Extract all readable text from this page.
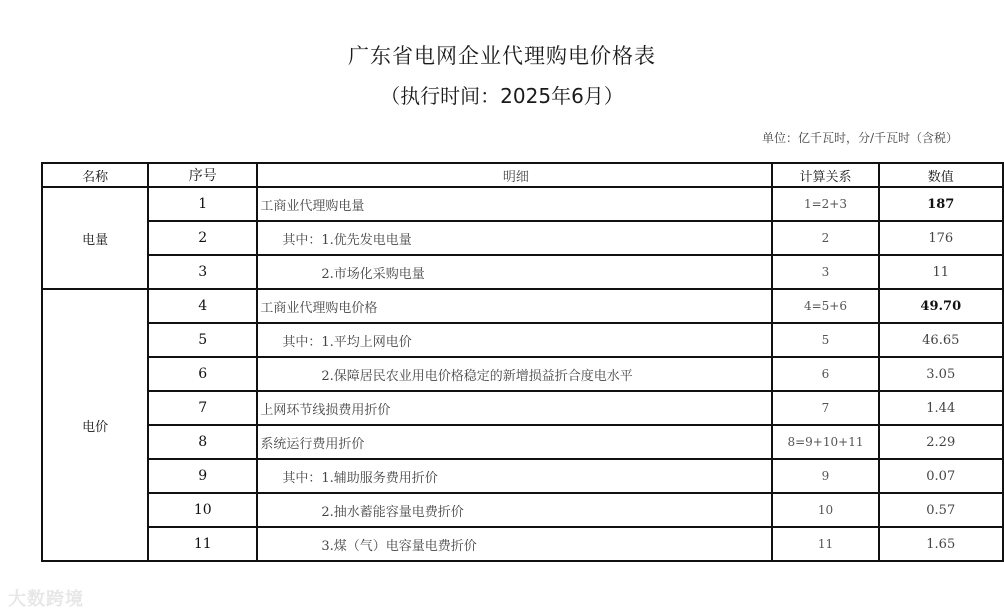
广东省电网企业代理购电价格表
（执行时间：2025年6月）
单位：亿千瓦时，分/千瓦时（含税）
名称	序号	明细	计算关系	数值
电量	1	工商业代理购电量	1=2+3	187
	2	其中：1.优先发电电量	2	176
	3	2.市场化采购电量	3	11
电价	4	工商业代理购电价格	4=5+6	49.70
	5	其中：1.平均上网电价	5	46.65
	6	2.保障居民农业用电价格稳定的新增损益折合度电水平	6	3.05
	7	上网环节线损费用折价	7	1.44
	8	系统运行费用折价	8=9+10+11	2.29
	9	其中：1.辅助服务费用折价	9	0.07
	10	2.抽水蓄能容量电费折价	10	0.57
	11	3.煤（气）电容量电费折价	11	1.65
大数跨境
